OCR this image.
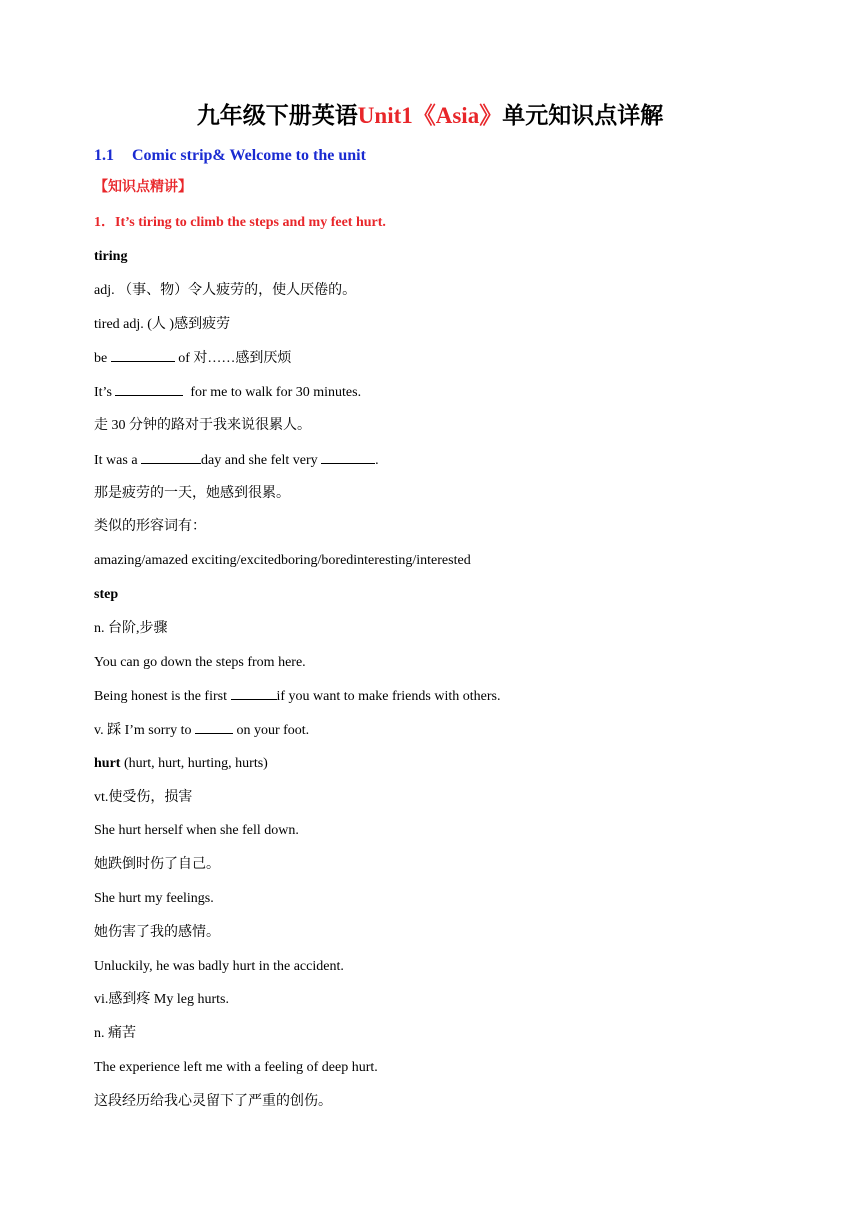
九年级下册英语Unit1《Asia》单元知识点详解
1.1 Comic strip& Welcome to the unit
【知识点精讲】
1．It’s tiring to climb the steps and my feet hurt.
tiring
adj. （事、物）令人疲劳的，使人厌倦的。
tired adj. (人 )感到疲劳
be	of 对……感到厌烦
It’s	for me to walk for 30 minutes.
走 30 分钟的路对于我来说很累人。
It was a	day and she felt very	.
那是疲劳的一天，她感到很累。
类似的形容词有：
amazing/amazed exciting/excitedboring/boredinteresting/interested
step
n. 台阶,步骤
You can go down the steps from here.
Being honest is the first	if you want to make friends with others.
v. 踩 I’m sorry to	on your foot.
hurt (hurt, hurt, hurting, hurts)
vt.使受伤，损害
She hurt herself when she fell down.
她跌倒时伤了自己。
She hurt my feelings.
她伤害了我的感情。
Unluckily, he was badly hurt in the accident.
vi.感到疼 My leg hurts.
n. 痛苦
The experience left me with a feeling of deep hurt.
这段经历给我心灵留下了严重的创伤。
